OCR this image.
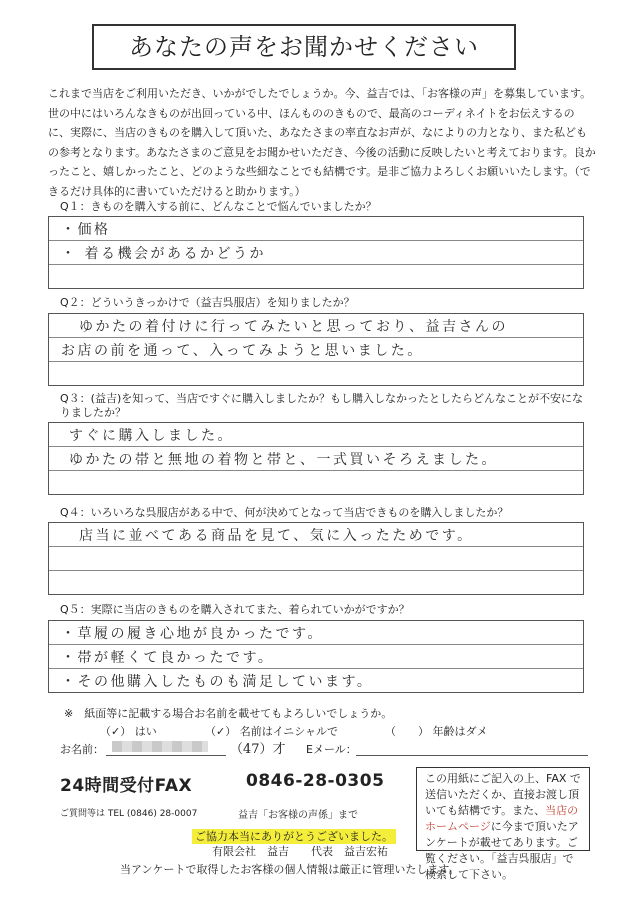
あなたの声をお聞かせください
これまで当店をご利用いただき、いかがでしたでしょうか。今、益吉では、「お客様の声」を募集しています。世の中にはいろんなきものが出回っている中、ほんもののきもので、最高のコーディネイトをお伝えするのに、実際に、当店のきものを購入して頂いた、あなたさまの率直なお声が、なによりの力となり、また私どもの参考となります。あなたさまのご意見をお聞かせいただき、今後の活動に反映したいと考えております。良かったこと、嬉しかったこと、どのような些細なことでも結構です。是非ご協力よろしくお願いいたします。（できるだけ具体的に書いていただけると助かります。）
Q１：きものを購入する前に、どんなことで悩んでいましたか？
・価格
・ 着る機会があるかどうか
Q２：どういうきっかけで（益吉呉服店）を知りましたか？
ゆかたの着付けに行ってみたいと思っており、益吉さんの
お店の前を通って、入ってみようと思いました。
Q３：(益吉)を知って、当店ですぐに購入しましたか？もし購入しなかったとしたらどんなことが不安になりましたか？
すぐに購入しました。
ゆかたの帯と無地の着物と帯と、一式買いそろえました。
Q４：いろいろな呉服店がある中で、何が決めてとなって当店できものを購入しましたか？
店当に並べてある商品を見て、気に入ったためです。
Q５：実際に当店のきものを購入されてまた、着られていかがですか？
・草履の履き心地が良かったです。
・帯が軽くて良かったです。
・その他購入したものも満足しています。
※　紙面等に記載する場合お名前を載せてもよろしいでしょうか。
（✓） はい	（✓） 名前はイニシャルで	（　　） 年齢はダメ
お名前：	（47）才 Eメール：
24時間受付FAX	0846-28-0305
ご質問等は TEL (0846) 28-0007	益吉「お客様の声係」まで
ご協力本当にありがとうございました。
有限会社　益吉　　代表　益吉宏祐
当アンケートで取得したお客様の個人情報は厳正に管理いたします。
この用紙にご記入の上、FAX で送信いただくか、直接お渡し頂いても結構です。また、当店のホームページに今まで頂いたアンケートが載せてあります。ご覧ください。「益吉呉服店」で検索して下さい。
